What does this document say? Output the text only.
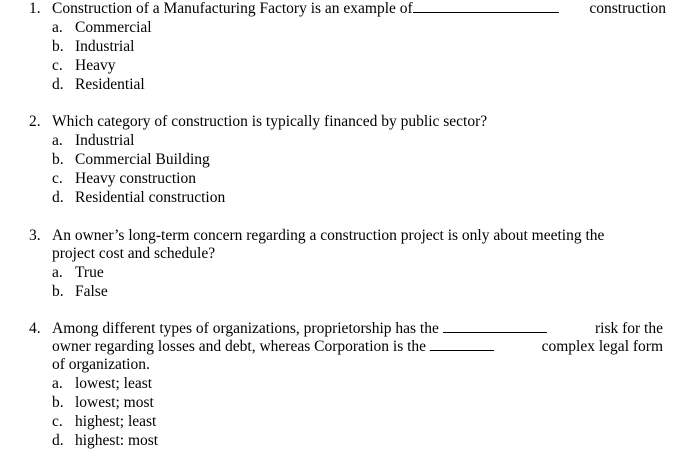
1. Construction of a Manufacturing Factory is an example of	construction
a. Commercial
b. Industrial
c. Heavy
d. Residential
2. Which category of construction is typically financed by public sector?
a. Industrial
b. Commercial Building
c. Heavy construction
d. Residential construction
3. An owner’s long-term concern regarding a construction project is only about meeting the
project cost and schedule?
a. True
b. False
4. Among different types of organizations, proprietorship has the	risk for the
owner regarding losses and debt, whereas Corporation is the	complex legal form
of organization.
a. lowest; least
b. lowest; most
c. highest; least
d. highest: most
